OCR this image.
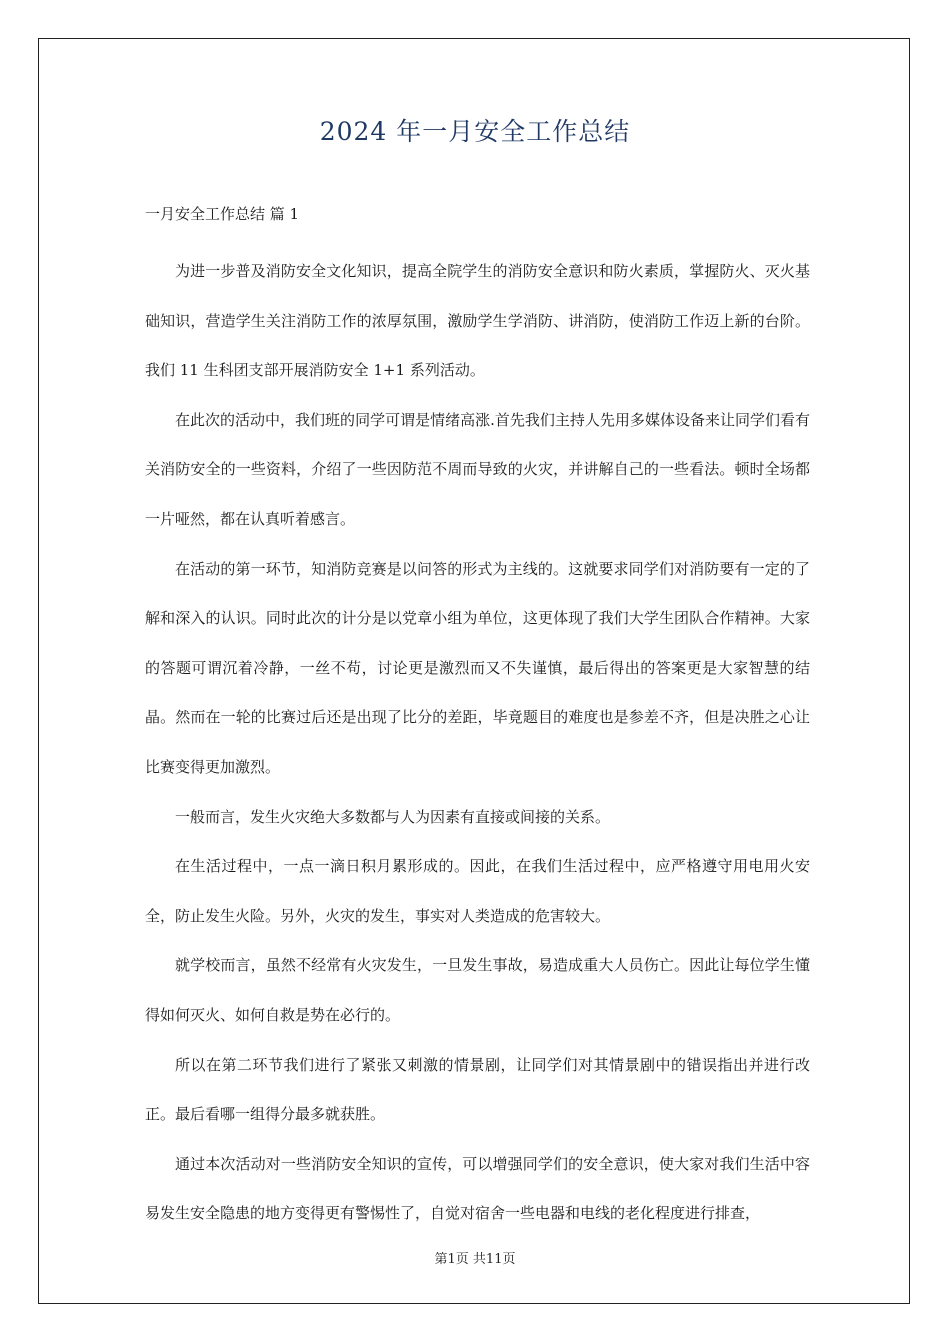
2024 年一月安全工作总结

一月安全工作总结 篇 1

为进一步普及消防安全文化知识，提高全院学生的消防安全意识和防火素质，掌握防火、灭火基础知识，营造学生关注消防工作的浓厚氛围，激励学生学消防、讲消防，使消防工作迈上新的台阶。我们 11 生科团支部开展消防安全 1+1 系列活动。

在此次的活动中，我们班的同学可谓是情绪高涨.首先我们主持人先用多媒体设备来让同学们看有关消防安全的一些资料，介绍了一些因防范不周而导致的火灾，并讲解自己的一些看法。顿时全场都一片哑然，都在认真听着感言。

在活动的第一环节，知消防竞赛是以问答的形式为主线的。这就要求同学们对消防要有一定的了解和深入的认识。同时此次的计分是以党章小组为单位，这更体现了我们大学生团队合作精神。大家的答题可谓沉着冷静，一丝不苟，讨论更是激烈而又不失谨慎，最后得出的答案更是大家智慧的结晶。然而在一轮的比赛过后还是出现了比分的差距，毕竟题目的难度也是参差不齐，但是决胜之心让比赛变得更加激烈。

一般而言，发生火灾绝大多数都与人为因素有直接或间接的关系。

在生活过程中，一点一滴日积月累形成的。因此，在我们生活过程中，应严格遵守用电用火安全，防止发生火险。另外，火灾的发生，事实对人类造成的危害较大。

就学校而言，虽然不经常有火灾发生，一旦发生事故，易造成重大人员伤亡。因此让每位学生懂得如何灭火、如何自救是势在必行的。

所以在第二环节我们进行了紧张又刺激的情景剧，让同学们对其情景剧中的错误指出并进行改正。最后看哪一组得分最多就获胜。

通过本次活动对一些消防安全知识的宣传，可以增强同学们的安全意识，使大家对我们生活中容易发生安全隐患的地方变得更有警惕性了，自觉对宿舍一些电器和电线的老化程度进行排查，

第1页 共11页
